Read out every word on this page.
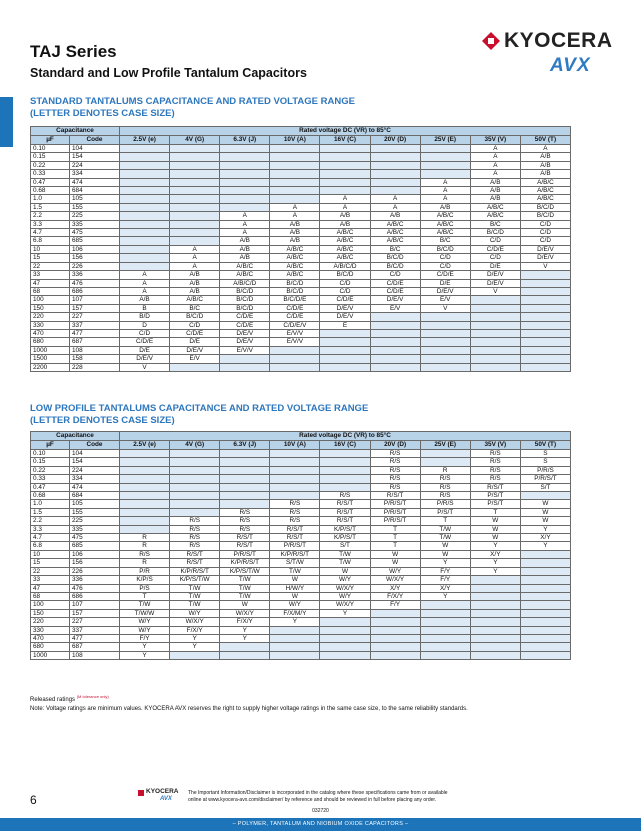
TAJ Series
Standard and Low Profile Tantalum Capacitors
KYOCERA
AVX
STANDARD TANTALUMS CAPACITANCE AND RATED VOLTAGE RANGE
(LETTER DENOTES CASE SIZE)
Capacitance		Rated voltage DC (VR) to 85°C								
µF	Code	2.5V (e)	4V (G)	6.3V (J)	10V (A)	16V (C)	20V (D)	25V (E)	35V (V)	50V (T)
0.10	104								A	A
0.15	154								A	A/B
0.22	224								A	A/B
0.33	334								A	A/B
0.47	474							A	A/B	A/B/C
0.68	684							A	A/B	A/B/C
1.0	105					A	A	A	A/B	A/B/C
1.5	155				A	A	A	A/B	A/B/C	B/C/D
2.2	225			A	A	A/B	A/B	A/B/C	A/B/C	B/C/D
3.3	335			A	A/B	A/B	A/B/C	A/B/C	B/C	C/D
4.7	475			A	A/B	A/B/C	A/B/C	A/B/C	B/C/D	C/D
6.8	685			A/B	A/B	A/B/C	A/B/C	B/C	C/D	C/D
10	106		A	A/B	A/B/C	A/B/C	B/C	B/C/D	C/D/E	D/E/V
15	156		A	A/B	A/B/C	A/B/C	B/C/D	C/D	C/D	D/E/V
22	226		A	A/B/C	A/B/C	A/B/C/D	B/C/D	C/D	D/E	V
33	336	A	A/B	A/B/C	A/B/C	B/C/D	C/D	C/D/E	D/E/V	
47	476	A	A/B	A/B/C/D	B/C/D	C/D	C/D/E	D/E	D/E/V	
68	686	A	A/B	B/C/D	B/C/D	C/D	C/D/E	D/E/V	V	
100	107	A/B	A/B/C	B/C/D	B/C/D/E	C/D/E	D/E/V	E/V		
150	157	B	B/C	B/C/D	C/D/E	D/E/V	E/V	V		
220	227	B/D	B/C/D	C/D/E	C/D/E	D/E/V				
330	337	D	C/D	C/D/E	C/D/E/V	E				
470	477	C/D	C/D/E	D/E/V	E/V/V					
680	687	C/D/E	D/E	D/E/V	E/V/V					
1000	108	D/E	D/E/V	E/V/V						
1500	158	D/E/V	E/V							
2200	228	V								
LOW PROFILE TANTALUMS CAPACITANCE AND RATED VOLTAGE RANGE
(LETTER DENOTES CASE SIZE)
Capacitance		Rated voltage DC (VR) to 85°C								
µF	Code	2.5V (e)	4V (G)	6.3V (J)	10V (A)	16V (C)	20V (D)	25V (E)	35V (V)	50V (T)
0.10	104						R/S		R/S	S
0.15	154						R/S		R/S	S
0.22	224						R/S	R	R/S	P/R/S
0.33	334						R/S	R/S	R/S	P/R/S/T
0.47	474						R/S	R/S	R/S/T	S/T
0.68	684					R/S	R/S/T	R/S	P/S/T	
1.0	105				R/S	R/S/T	P/R/S/T	P/R/S	P/S/T	W
1.5	155			R/S	R/S	R/S/T	P/R/S/T	P/S/T	T	W
2.2	225		R/S	R/S	R/S	R/S/T	P/R/S/T	T	W	W
3.3	335		R/S	R/S	R/S/T	K/P/S/T	T	T/W	W	Y
4.7	475	R	R/S	R/S/T	R/S/T	K/P/S/T	T	T/W	W	X/Y
6.8	685	R	R/S	R/S/T	P/R/S/T	S/T	T	W	Y	Y
10	106	R/S	R/S/T	P/R/S/T	K/P/R/S/T	T/W	W	W	X/Y	
15	156	R	R/S/T	K/P/R/S/T	S/T/W	T/W	W	Y	Y	
22	226	P/R	K/P/R/S/T	K/P/S/T/W	T/W	W	W/Y	F/Y	Y	
33	336	K/P/S	K/P/S/T/W	T/W	W	W/Y	W/X/Y	F/Y		
47	476	P/S	T/W	T/W	H/W/Y	W/X/Y	X/Y	X/Y		
68	686	T	T/W	T/W	W	W/Y	F/X/Y	Y		
100	107	T/W	T/W	W	W/Y	W/X/Y	F/Y			
150	157	T/W/W	W/Y	W/X/Y	F/X/M/Y	Y				
220	227	W/Y	W/X/Y	F/X/Y	Y					
330	337	W/Y	F/X/Y	Y						
470	477	F/Y	Y	Y						
680	687	Y	Y							
1000	108	Y								
Released ratings $^{(M tolerance only)}$
Note: Voltage ratings are minimum values. KYOCERA AVX reserves the right to supply higher voltage ratings in the same case size, to the same reliability standards.
6
KYOCERA
AVX
The Important Information/Disclaimer is incorporated in the catalog where these specifications came from or available
online at www.kyocera-avx.com/disclaimer/ by reference and should be reviewed in full before placing any order.
032720
– POLYMER, TANTALUM AND NIOBIUM OXIDE CAPACITORS –
